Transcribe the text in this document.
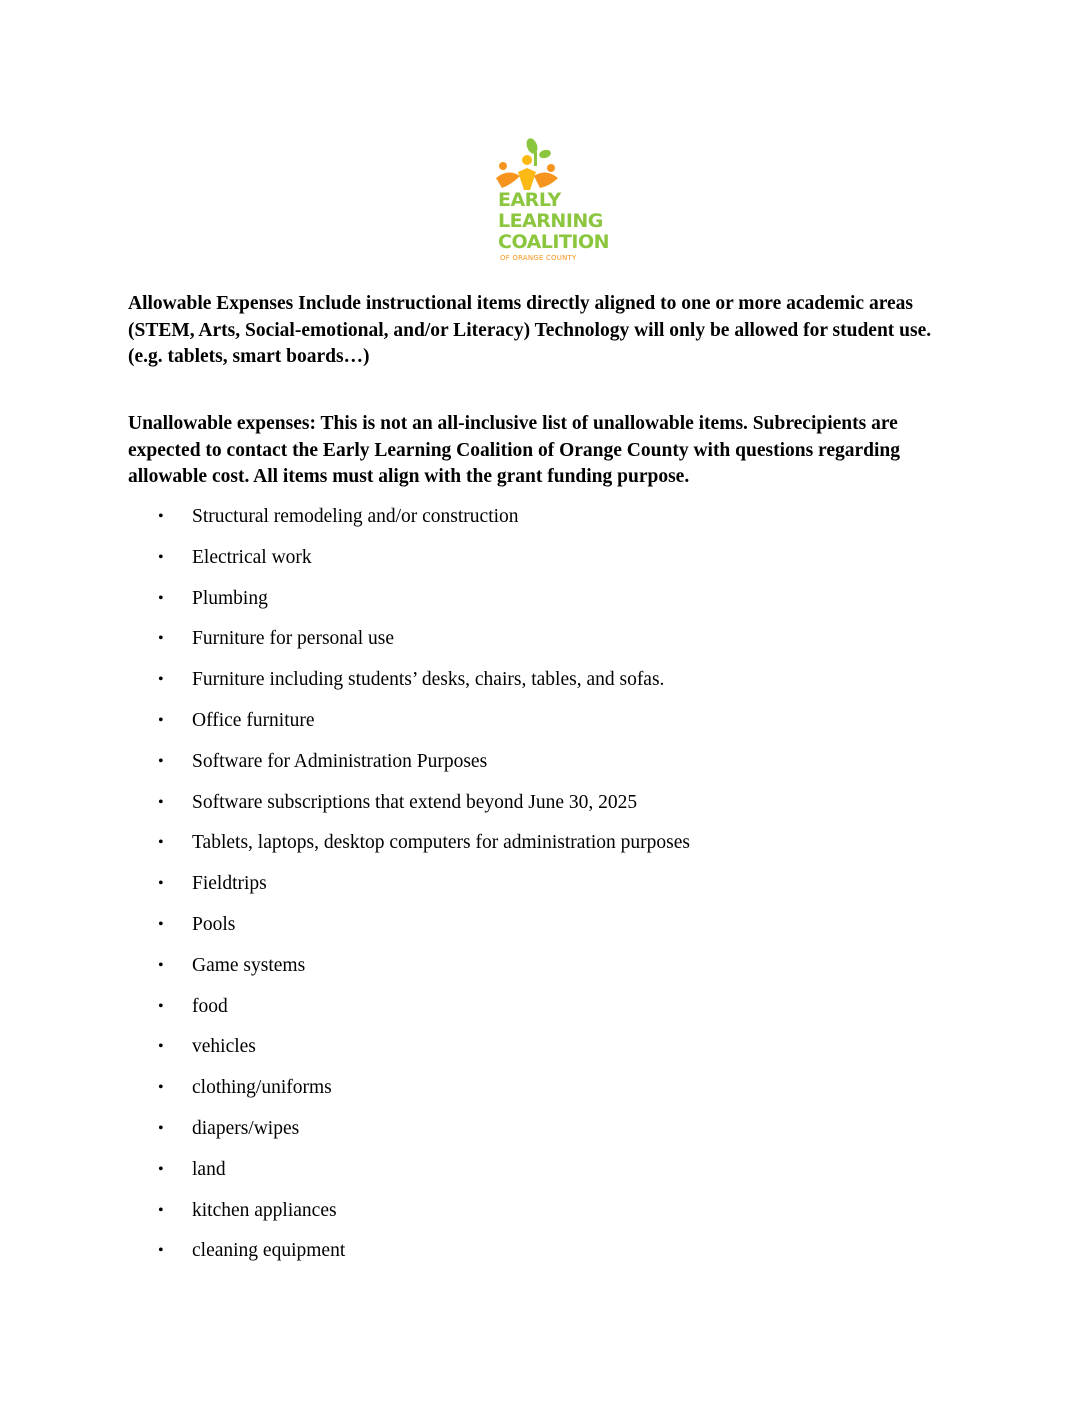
EARLY
LEARNING
COALITION
OF ORANGE COUNTY

Allowable Expenses Include instructional items directly aligned to one or more academic areas (STEM, Arts, Social-emotional, and/or Literacy) Technology will only be allowed for student use. (e.g. tablets, smart boards…)

Unallowable expenses: This is not an all-inclusive list of unallowable items. Subrecipients are expected to contact the Early Learning Coalition of Orange County with questions regarding allowable cost. All items must align with the grant funding purpose.

• Structural remodeling and/or construction
• Electrical work
• Plumbing
• Furniture for personal use
• Furniture including students’ desks, chairs, tables, and sofas.
• Office furniture
• Software for Administration Purposes
• Software subscriptions that extend beyond June 30, 2025
• Tablets, laptops, desktop computers for administration purposes
• Fieldtrips
• Pools
• Game systems
• food
• vehicles
• clothing/uniforms
• diapers/wipes
• land
• kitchen appliances
• cleaning equipment
